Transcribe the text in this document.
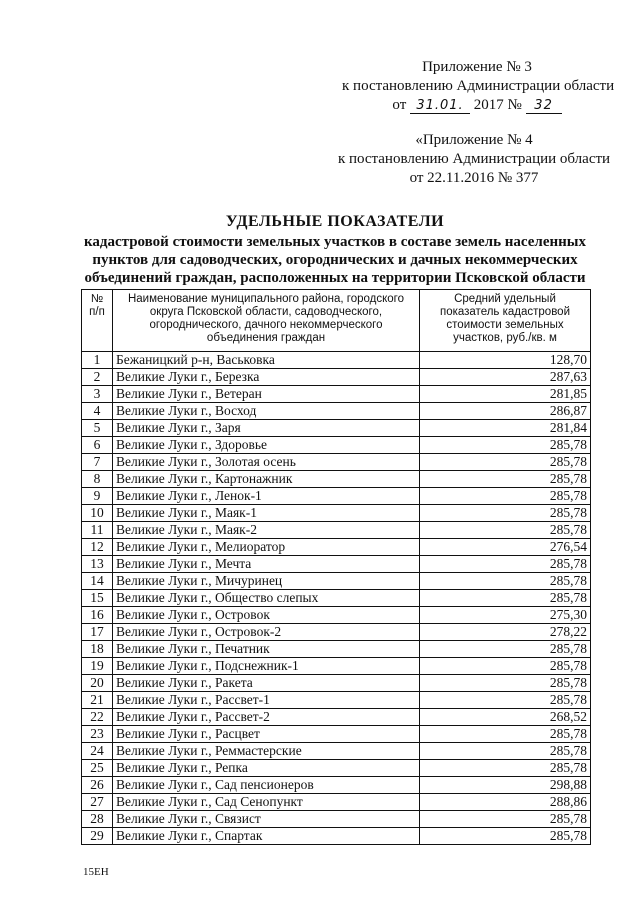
Приложение № 3
к постановлению Администрации области
от 31.01. 2017 № 32
«Приложение № 4
к постановлению Администрации области
от 22.11.2016 № 377
УДЕЛЬНЫЕ ПОКАЗАТЕЛИ
кадастровой стоимости земельных участков в составе земель населенных пунктов для садоводческих, огороднических и дачных некоммерческих объединений граждан, расположенных на территории Псковской области
№ п/п	Наименование муниципального района, городского округа Псковской области, садоводческого, огороднического, дачного некоммерческого объединения граждан	Средний удельный показатель кадастровой стоимости земельных участков, руб./кв. м
1	Бежаницкий р-н, Васьковка	128,70
2	Великие Луки г., Березка	287,63
3	Великие Луки г., Ветеран	281,85
4	Великие Луки г., Восход	286,87
5	Великие Луки г., Заря	281,84
6	Великие Луки г., Здоровье	285,78
7	Великие Луки г., Золотая осень	285,78
8	Великие Луки г., Картонажник	285,78
9	Великие Луки г., Ленок-1	285,78
10	Великие Луки г., Маяк-1	285,78
11	Великие Луки г., Маяк-2	285,78
12	Великие Луки г., Мелиоратор	276,54
13	Великие Луки г., Мечта	285,78
14	Великие Луки г., Мичуринец	285,78
15	Великие Луки г., Общество слепых	285,78
16	Великие Луки г., Островок	275,30
17	Великие Луки г., Островок-2	278,22
18	Великие Луки г., Печатник	285,78
19	Великие Луки г., Подснежник-1	285,78
20	Великие Луки г., Ракета	285,78
21	Великие Луки г., Рассвет-1	285,78
22	Великие Луки г., Рассвет-2	268,52
23	Великие Луки г., Расцвет	285,78
24	Великие Луки г., Реммастерские	285,78
25	Великие Луки г., Репка	285,78
26	Великие Луки г., Сад пенсионеров	298,88
27	Великие Луки г., Сад Сенопункт	288,86
28	Великие Луки г., Связист	285,78
29	Великие Луки г., Спартак	285,78
15ЕН
